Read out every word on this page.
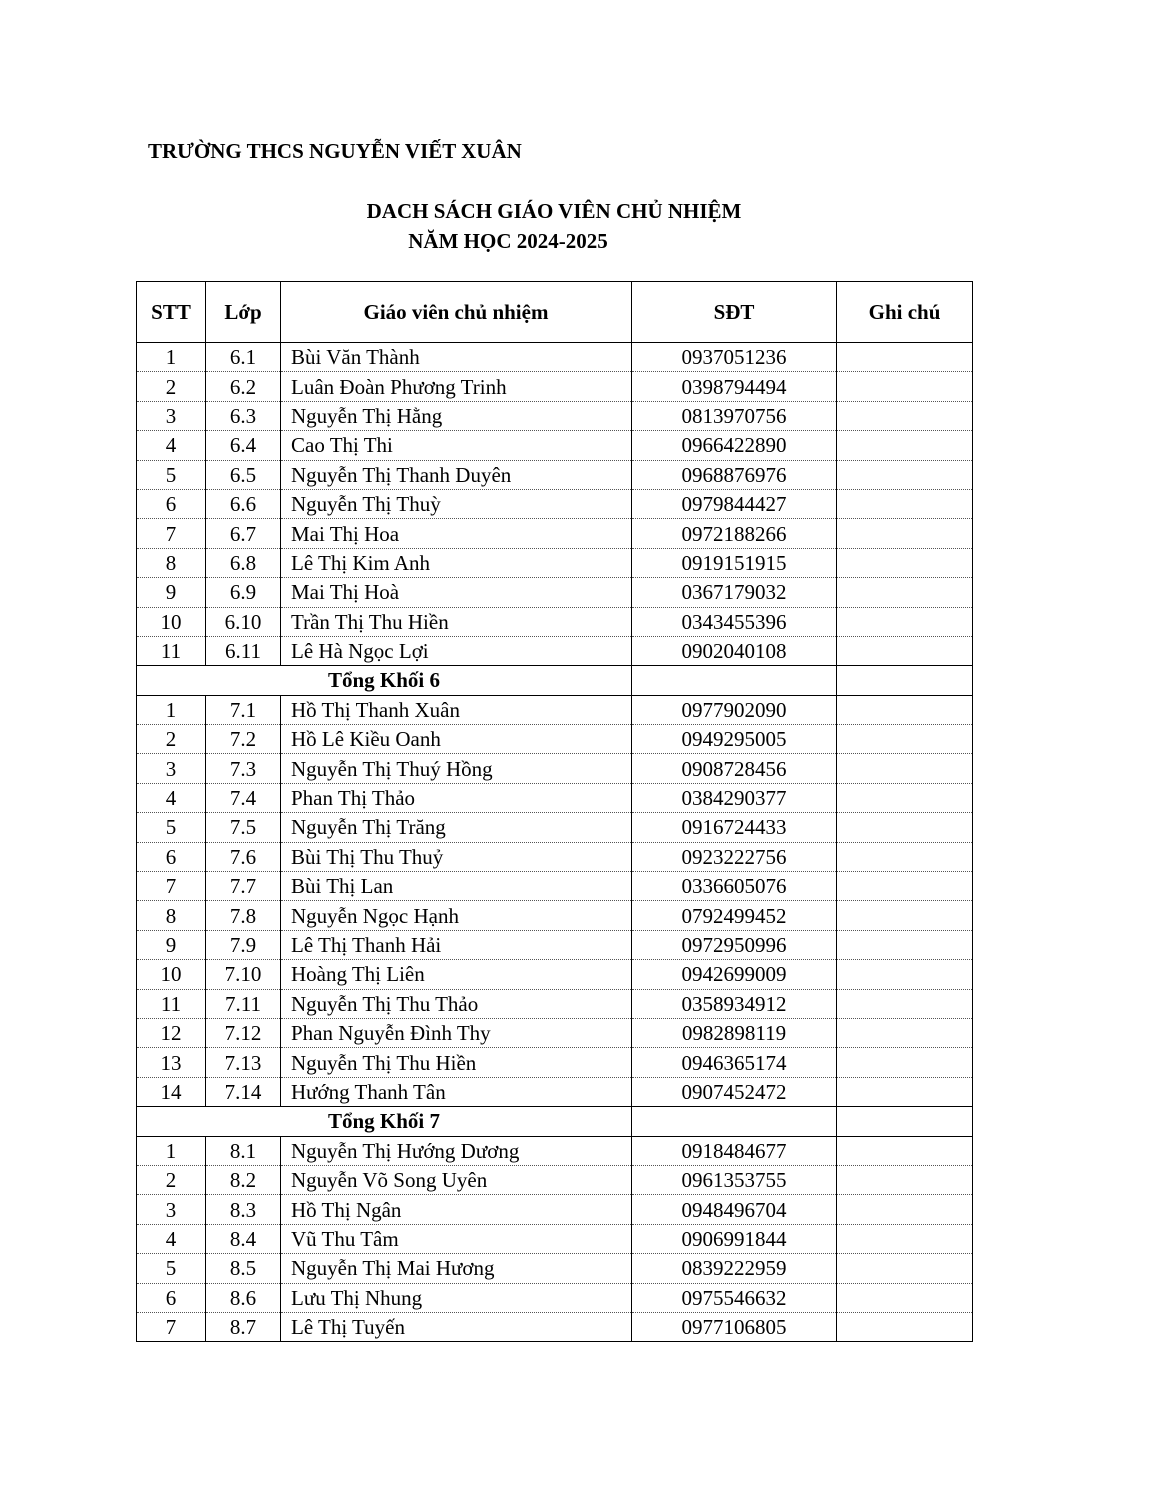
TRƯỜNG THCS NGUYỄN VIẾT XUÂN
DACH SÁCH GIÁO VIÊN CHỦ NHIỆM
NĂM HỌC 2024-2025
STT	Lớp	Giáo viên chủ nhiệm	SĐT	Ghi chú
1	6.1	Bùi Văn Thành	0937051236	
2	6.2	Luân Đoàn Phương Trinh	0398794494	
3	6.3	Nguyễn Thị Hằng	0813970756	
4	6.4	Cao Thị Thi	0966422890	
5	6.5	Nguyễn Thị Thanh Duyên	0968876976	
6	6.6	Nguyễn Thị Thuỳ	0979844427	
7	6.7	Mai Thị Hoa	0972188266	
8	6.8	Lê Thị Kim Anh	0919151915	
9	6.9	Mai Thị Hoà	0367179032	
10	6.10	Trần Thị Thu Hiền	0343455396	
11	6.11	Lê Hà Ngọc Lợi	0902040108	
Tổng Khối 6				
1	7.1	Hồ Thị Thanh Xuân	0977902090	
2	7.2	Hồ Lê Kiều Oanh	0949295005	
3	7.3	Nguyễn Thị Thuý Hồng	0908728456	
4	7.4	Phan Thị Thảo	0384290377	
5	7.5	Nguyễn Thị Trăng	0916724433	
6	7.6	Bùi Thị Thu Thuỷ	0923222756	
7	7.7	Bùi Thị Lan	0336605076	
8	7.8	Nguyễn Ngọc Hạnh	0792499452	
9	7.9	Lê Thị Thanh Hải	0972950996	
10	7.10	Hoàng Thị Liên	0942699009	
11	7.11	Nguyễn Thị Thu Thảo	0358934912	
12	7.12	Phan Nguyễn Đình Thy	0982898119	
13	7.13	Nguyễn Thị Thu Hiền	0946365174	
14	7.14	Hướng Thanh Tân	0907452472	
Tổng Khối 7				
1	8.1	Nguyễn Thị Hướng Dương	0918484677	
2	8.2	Nguyễn Võ Song Uyên	0961353755	
3	8.3	Hồ Thị Ngân	0948496704	
4	8.4	Vũ Thu Tâm	0906991844	
5	8.5	Nguyễn Thị Mai Hương	0839222959	
6	8.6	Lưu Thị Nhung	0975546632	
7	8.7	Lê Thị Tuyến	0977106805	
